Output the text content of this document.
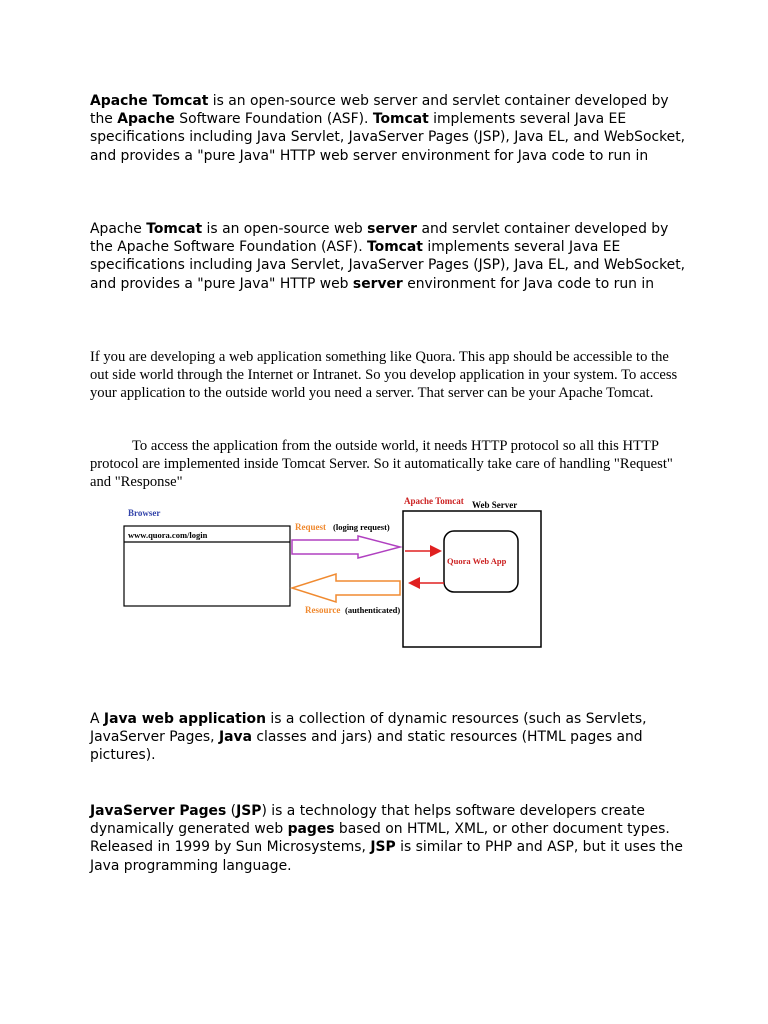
Apache Tomcat is an open-source web server and servlet container developed by the Apache Software Foundation (ASF). Tomcat implements several Java EE specifications including Java Servlet, JavaServer Pages (JSP), Java EL, and WebSocket, and provides a "pure Java" HTTP web server environment for Java code to run in

Apache Tomcat is an open-source web server and servlet container developed by the Apache Software Foundation (ASF). Tomcat implements several Java EE specifications including Java Servlet, JavaServer Pages (JSP), Java EL, and WebSocket, and provides a "pure Java" HTTP web server environment for Java code to run in

If you are developing a web application something like Quora. This app should be accessible to the out side world through the Internet or Intranet. So you develop application in your system. To access your application to the outside world you need a server. That server can be your Apache Tomcat.

To access the application from the outside world, it needs HTTP protocol so all this HTTP protocol are implemented inside Tomcat Server. So it automatically take care of handling "Request" and "Response"

Browser
www.quora.com/login
Request (loging request)
Resource (authenticated)
Apache Tomcat Web Server
Quora Web App

A Java web application is a collection of dynamic resources (such as Servlets, JavaServer Pages, Java classes and jars) and static resources (HTML pages and pictures).

JavaServer Pages (JSP) is a technology that helps software developers create dynamically generated web pages based on HTML, XML, or other document types. Released in 1999 by Sun Microsystems, JSP is similar to PHP and ASP, but it uses the Java programming language.
